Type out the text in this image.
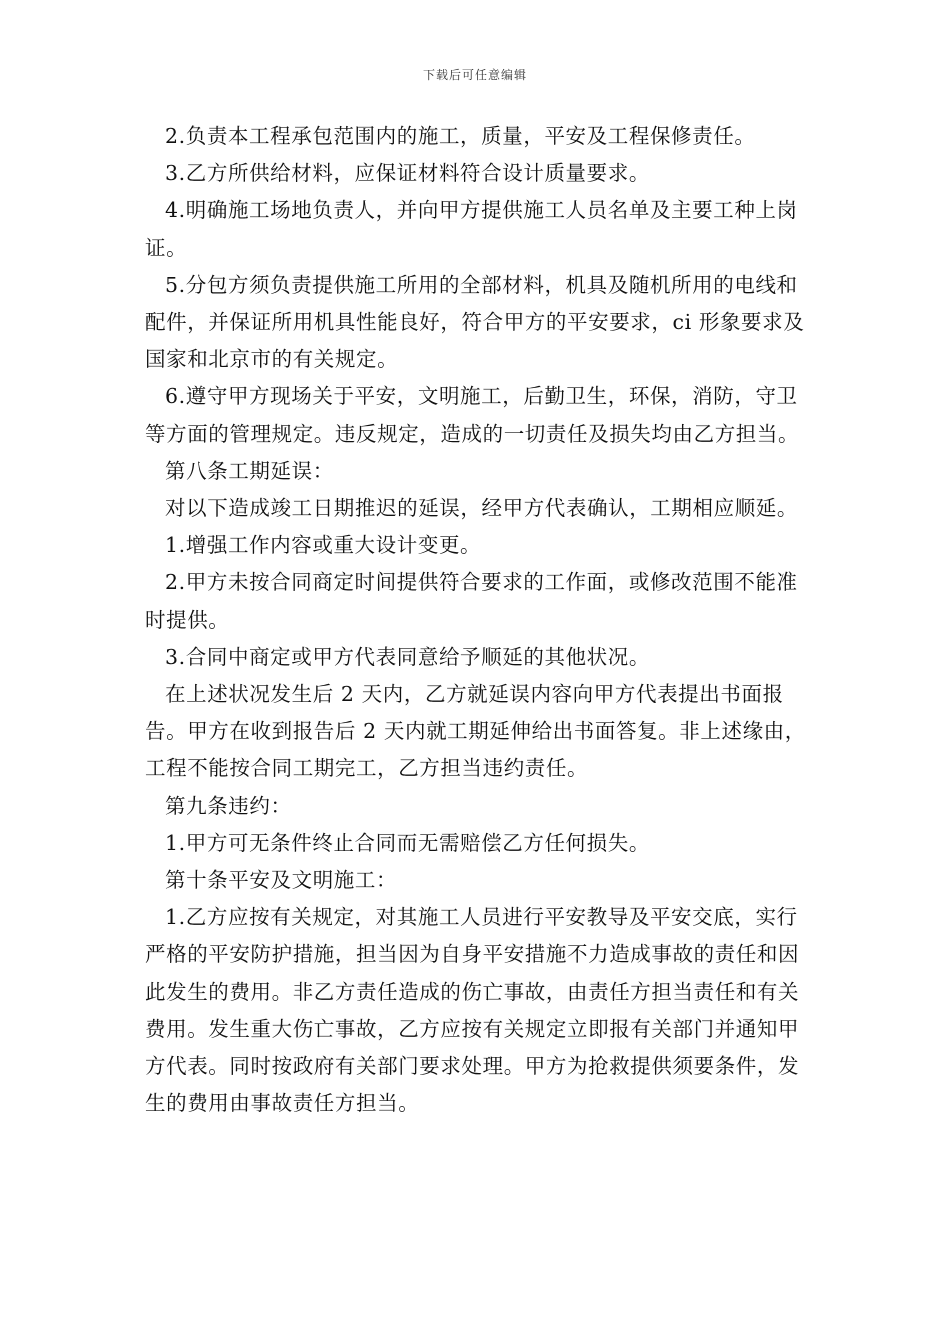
下载后可任意编辑

2.负责本工程承包范围内的施工，质量，平安及工程保修责任。

3.乙方所供给材料，应保证材料符合设计质量要求。

4.明确施工场地负责人，并向甲方提供施工人员名单及主要工种上岗证。

5.分包方须负责提供施工所用的全部材料，机具及随机所用的电线和配件，并保证所用机具性能良好，符合甲方的平安要求，ci 形象要求及国家和北京市的有关规定。

6.遵守甲方现场关于平安，文明施工，后勤卫生，环保，消防，守卫等方面的管理规定。违反规定，造成的一切责任及损失均由乙方担当。

第八条工期延误：

对以下造成竣工日期推迟的延误，经甲方代表确认，工期相应顺延。

1.增强工作内容或重大设计变更。

2.甲方未按合同商定时间提供符合要求的工作面，或修改范围不能准时提供。

3.合同中商定或甲方代表同意给予顺延的其他状况。

在上述状况发生后 2 天内，乙方就延误内容向甲方代表提出书面报告。甲方在收到报告后 2 天内就工期延伸给出书面答复。非上述缘由，工程不能按合同工期完工，乙方担当违约责任。

第九条违约：

1.甲方可无条件终止合同而无需赔偿乙方任何损失。

第十条平安及文明施工：

1.乙方应按有关规定，对其施工人员进行平安教导及平安交底，实行严格的平安防护措施，担当因为自身平安措施不力造成事故的责任和因此发生的费用。非乙方责任造成的伤亡事故，由责任方担当责任和有关费用。发生重大伤亡事故，乙方应按有关规定立即报有关部门并通知甲方代表。同时按政府有关部门要求处理。甲方为抢救提供须要条件，发生的费用由事故责任方担当。
